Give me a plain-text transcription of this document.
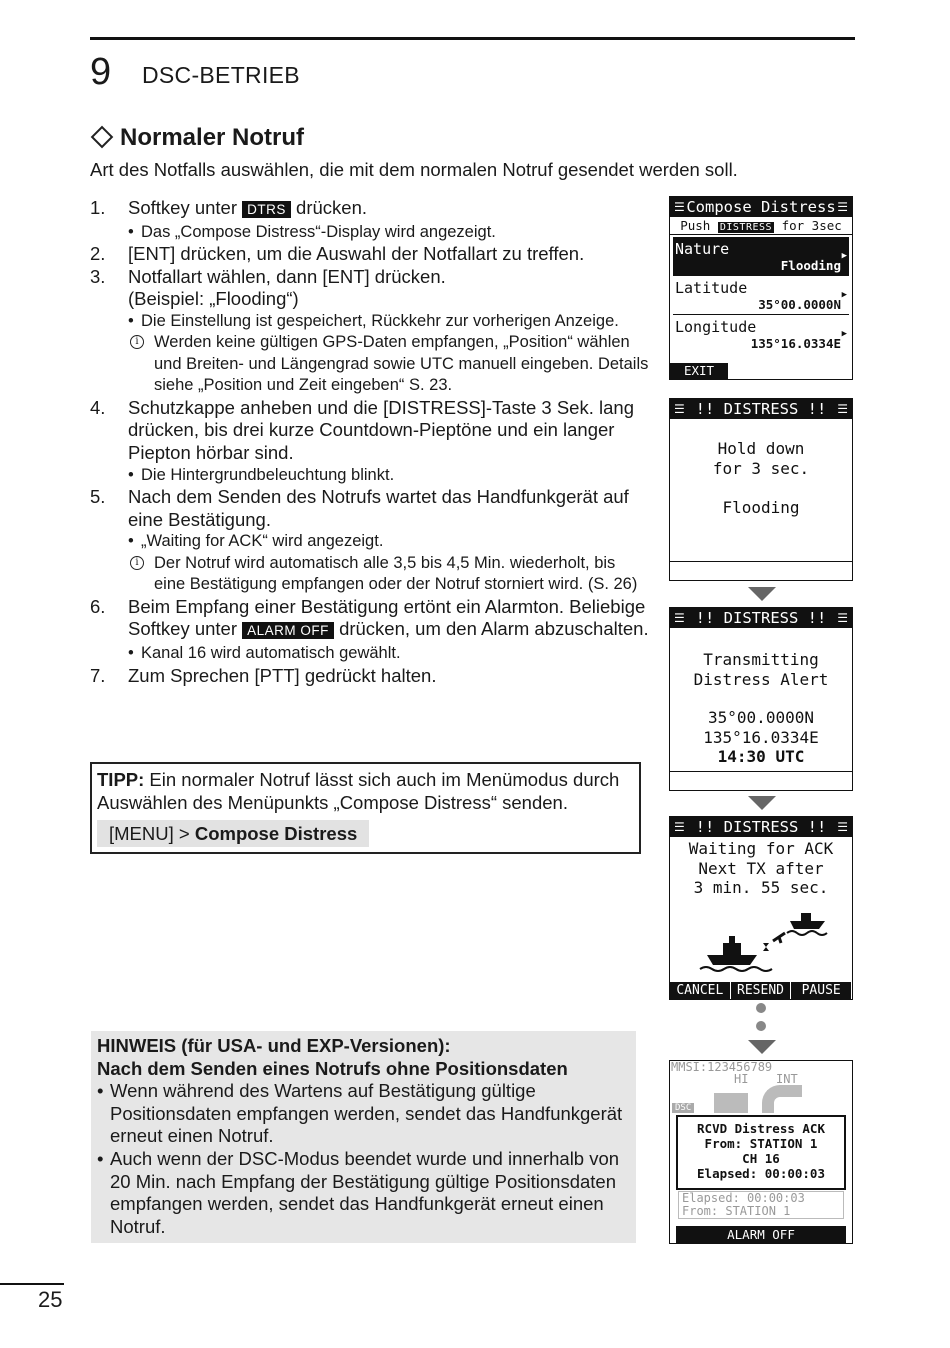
9 DSC-BETRIEB
Normaler Notruf
Art des Notfalls auswählen, die mit dem normalen Notruf gesendet werden soll.
1. Softkey unter DTRS drücken.
• Das „Compose Distress“-Display wird angezeigt.
2. [ENT] drücken, um die Auswahl der Notfallart zu treffen.
3. Notfallart wählen, dann [ENT] drücken.
(Beispiel: „Flooding“)
• Die Einstellung ist gespeichert, Rückkehr zur vorherigen Anzeige.
i Werden keine gültigen GPS-Daten empfangen, „Position“ wählen und Breiten- und Längengrad sowie UTC manuell eingeben. Details siehe „Position und Zeit eingeben“ S. 23.
4. Schutzkappe anheben und die [DISTRESS]-Taste 3 Sek. lang drücken, bis drei kurze Countdown-Pieptöne und ein langer Piepton hörbar sind.
• Die Hintergrundbeleuchtung blinkt.
5. Nach dem Senden des Notrufs wartet das Handfunkgerät auf eine Bestätigung.
• „Waiting for ACK“ wird angezeigt.
i Der Notruf wird automatisch alle 3,5 bis 4,5 Min. wiederholt, bis eine Bestätigung empfangen oder der Notruf storniert wird. (S. 26)
6. Beim Empfang einer Bestätigung ertönt ein Alarmton. Beliebige Softkey unter ALARM OFF drücken, um den Alarm abzuschalten.
• Kanal 16 wird automatisch gewählt.
7. Zum Sprechen [PTT] gedrückt halten.
TIPP: Ein normaler Notruf lässt sich auch im Menümodus durch Auswählen des Menüpunkts „Compose Distress“ senden.
[MENU] > Compose Distress
HINWEIS (für USA- und EXP-Versionen):
Nach dem Senden eines Notrufs ohne Positionsdaten
• Wenn während des Wartens auf Bestätigung gültige Positionsdaten empfangen werden, sendet das Handfunkgerät erneut einen Notruf.
• Auch wenn der DSC-Modus beendet wurde und innerhalb von 20 Min. nach Empfang der Bestätigung gültige Positionsdaten empfangen werden, sendet das Handfunkgerät erneut einen Notruf.
25
☰ Compose Distress ☰
Push DISTRESS for 3sec
Nature
Flooding
▶
Latitude
35°00.0000N
▶
Longitude
135°16.0334E
▶
EXIT
☰ !! DISTRESS !! ☰
Hold down
for 3 sec.
Flooding
☰ !! DISTRESS !! ☰
Transmitting
Distress Alert
35°00.0000N
135°16.0334E
14:30 UTC
☰ !! DISTRESS !! ☰
Waiting for ACK
Next TX after
3 min. 55 sec.
CANCEL	RESEND	PAUSE
MMSI:123456789
HI INT
DSC
RCVD Distress ACK
From: STATION 1
CH 16
Elapsed: 00:00:03
Elapsed: 00:00:03
From: STATION 1
ALARM OFF
